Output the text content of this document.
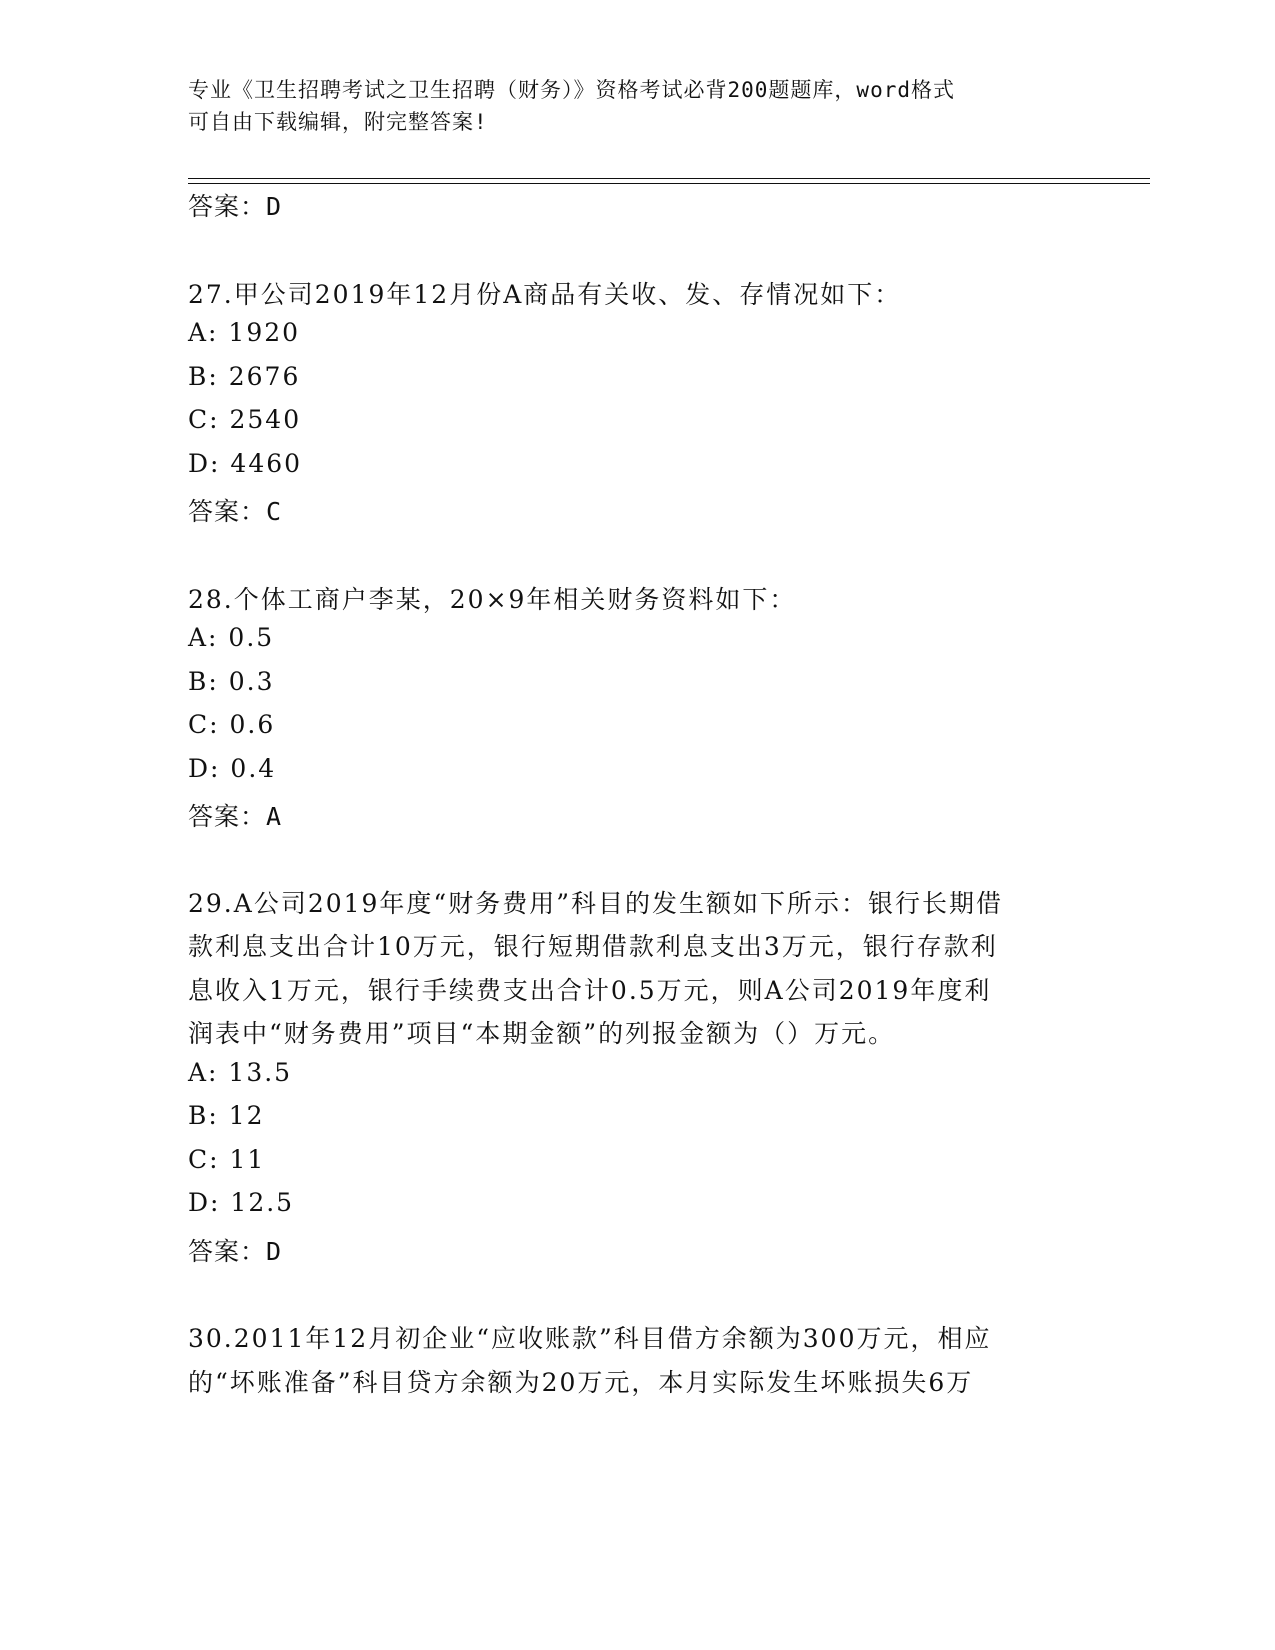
专业《卫生招聘考试之卫生招聘（财务）》资格考试必背200题题库，word格式
可自由下载编辑，附完整答案!
答案：D
27.甲公司2019年12月份A商品有关收、发、存情况如下：
A: 1920
B: 2676
C: 2540
D: 4460
答案：C
28.个体工商户李某，20×9年相关财务资料如下：
A: 0.5
B: 0.3
C: 0.6
D: 0.4
答案：A
29.A公司2019年度“财务费用”科目的发生额如下所示：银行长期借
款利息支出合计10万元，银行短期借款利息支出3万元，银行存款利
息收入1万元，银行手续费支出合计0.5万元，则A公司2019年度利
润表中“财务费用”项目“本期金额”的列报金额为（）万元。
A: 13.5
B: 12
C: 11
D: 12.5
答案：D
30.2011年12月初企业“应收账款”科目借方余额为300万元，相应
的“坏账准备”科目贷方余额为20万元，本月实际发生坏账损失6万
